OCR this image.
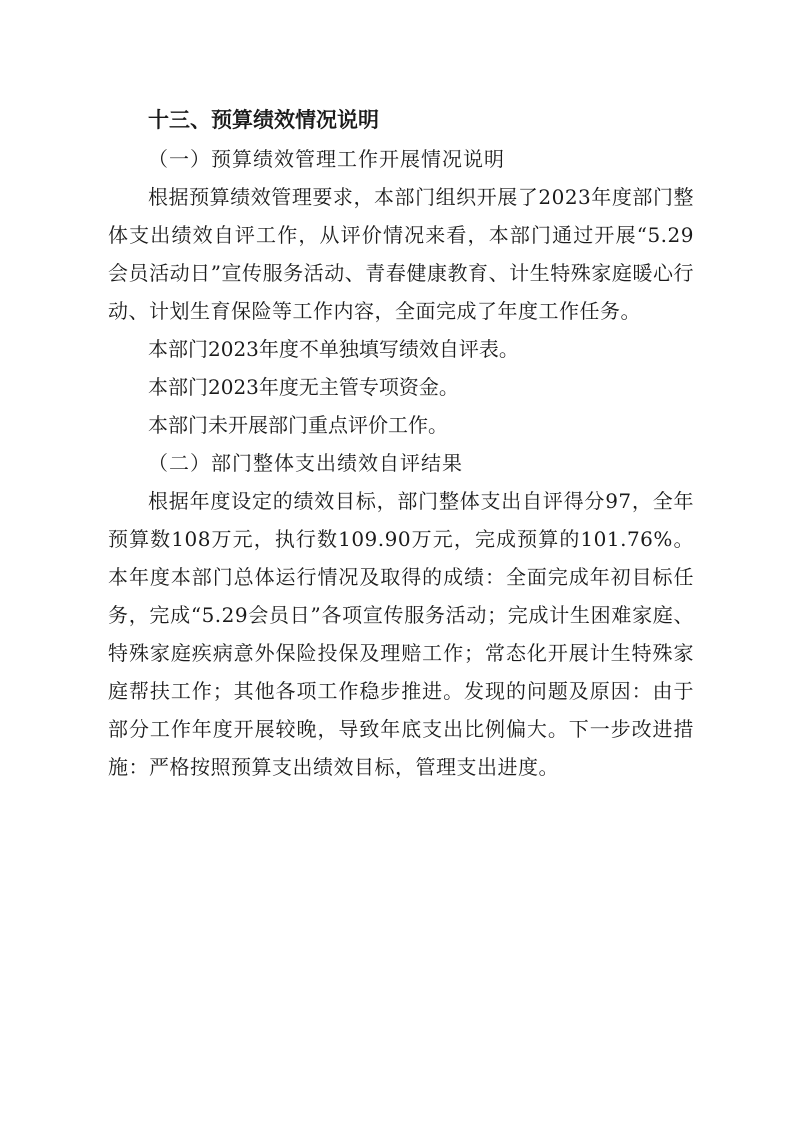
十三、预算绩效情况说明
（一）预算绩效管理工作开展情况说明

根据预算绩效管理要求，本部门组织开展了2023年度部门整体支出绩效自评工作，从评价情况来看，本部门通过开展“5.29会员活动日”宣传服务活动、青春健康教育、计生特殊家庭暖心行动、计划生育保险等工作内容，全面完成了年度工作任务。

本部门2023年度不单独填写绩效自评表。
本部门2023年度无主管专项资金。
本部门未开展部门重点评价工作。
（二）部门整体支出绩效自评结果

根据年度设定的绩效目标，部门整体支出自评得分97，全年预算数108万元，执行数109.90万元，完成预算的101.76%。本年度本部门总体运行情况及取得的成绩：全面完成年初目标任务，完成“5.29会员日”各项宣传服务活动；完成计生困难家庭、特殊家庭疾病意外保险投保及理赔工作；常态化开展计生特殊家庭帮扶工作；其他各项工作稳步推进。发现的问题及原因：由于部分工作年度开展较晚，导致年底支出比例偏大。下一步改进措施：严格按照预算支出绩效目标，管理支出进度。
